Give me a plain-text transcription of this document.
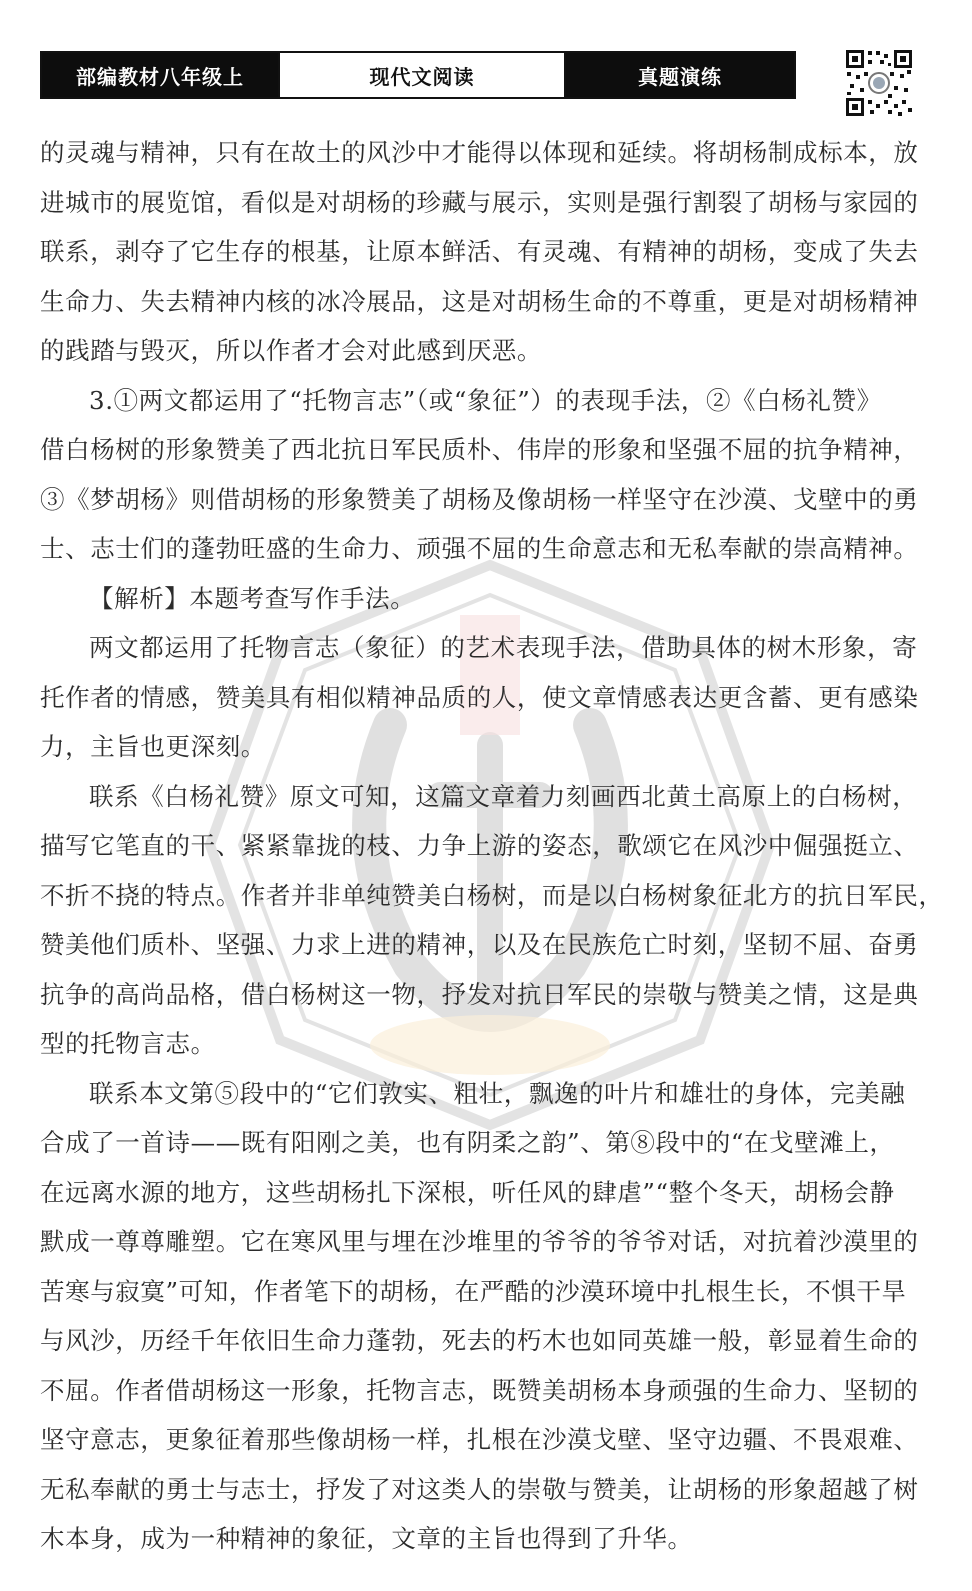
部编教材八年级上	现代文阅读	真题演练
的灵魂与精神，只有在故土的风沙中才能得以体现和延续。将胡杨制成标本，放
进城市的展览馆，看似是对胡杨的珍藏与展示，实则是强行割裂了胡杨与家园的
联系，剥夺了它生存的根基，让原本鲜活、有灵魂、有精神的胡杨，变成了失去
生命力、失去精神内核的冰冷展品，这是对胡杨生命的不尊重，更是对胡杨精神
的践踏与毁灭，所以作者才会对此感到厌恶。
3.①两文都运用了“托物言志”（或“象征”）的表现手法，②《白杨礼赞》
借白杨树的形象赞美了西北抗日军民质朴、伟岸的形象和坚强不屈的抗争精神，
③《梦胡杨》则借胡杨的形象赞美了胡杨及像胡杨一样坚守在沙漠、戈壁中的勇
士、志士们的蓬勃旺盛的生命力、顽强不屈的生命意志和无私奉献的崇高精神。
【解析】本题考查写作手法。
两文都运用了托物言志（象征）的艺术表现手法，借助具体的树木形象，寄
托作者的情感，赞美具有相似精神品质的人，使文章情感表达更含蓄、更有感染
力，主旨也更深刻。
联系《白杨礼赞》原文可知，这篇文章着力刻画西北黄土高原上的白杨树，
描写它笔直的干、紧紧靠拢的枝、力争上游的姿态，歌颂它在风沙中倔强挺立、
不折不挠的特点。作者并非单纯赞美白杨树，而是以白杨树象征北方的抗日军民，
赞美他们质朴、坚强、力求上进的精神，以及在民族危亡时刻，坚韧不屈、奋勇
抗争的高尚品格，借白杨树这一物，抒发对抗日军民的崇敬与赞美之情，这是典
型的托物言志。
联系本文第⑤段中的“它们敦实、粗壮，飘逸的叶片和雄壮的身体，完美融
合成了一首诗——既有阳刚之美，也有阴柔之韵”、第⑧段中的“在戈壁滩上，
在远离水源的地方，这些胡杨扎下深根，听任风的肆虐”“整个冬天，胡杨会静
默成一尊尊雕塑。它在寒风里与埋在沙堆里的爷爷的爷爷对话，对抗着沙漠里的
苦寒与寂寞”可知，作者笔下的胡杨，在严酷的沙漠环境中扎根生长，不惧干旱
与风沙，历经千年依旧生命力蓬勃，死去的朽木也如同英雄一般，彰显着生命的
不屈。作者借胡杨这一形象，托物言志，既赞美胡杨本身顽强的生命力、坚韧的
坚守意志，更象征着那些像胡杨一样，扎根在沙漠戈壁、坚守边疆、不畏艰难、
无私奉献的勇士与志士，抒发了对这类人的崇敬与赞美，让胡杨的形象超越了树
木本身，成为一种精神的象征，文章的主旨也得到了升华。
